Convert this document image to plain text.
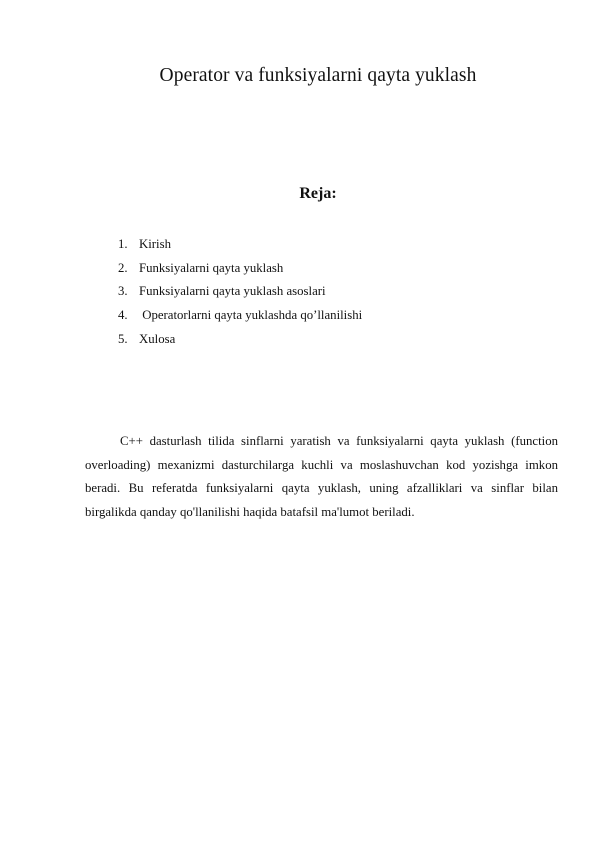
Operator va funksiyalarni qayta yuklash
Reja:
1. Kirish
2. Funksiyalarni qayta yuklash
3. Funksiyalarni qayta yuklash asoslari
4. Operatorlarni qayta yuklashda qo’llanilishi
5. Xulosa

C++ dasturlash tilida sinflarni yaratish va funksiyalarni qayta yuklash (function overloading) mexanizmi dasturchilarga kuchli va moslashuvchan kod yozishga imkon beradi. Bu referatda funksiyalarni qayta yuklash, uning afzalliklari va sinflar bilan birgalikda qanday qo'llanilishi haqida batafsil ma'lumot beriladi.
